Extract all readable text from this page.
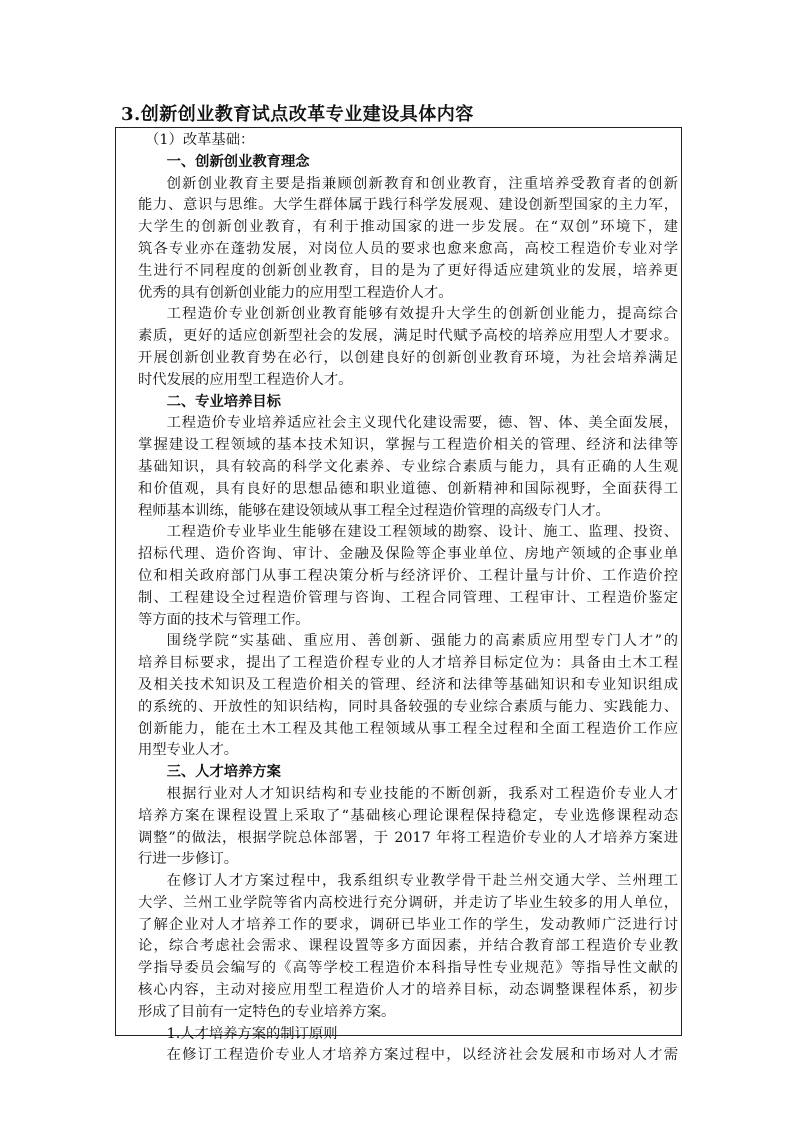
3.创新创业教育试点改革专业建设具体内容
（1）改革基础：
一、创新创业教育理念
创新创业教育主要是指兼顾创新教育和创业教育，注重培养受教育者的创新
能力、意识与思维。大学生群体属于践行科学发展观、建设创新型国家的主力军，
大学生的创新创业教育，有利于推动国家的进一步发展。在“双创”环境下，建
筑各专业亦在蓬勃发展，对岗位人员的要求也愈来愈高，高校工程造价专业对学
生进行不同程度的创新创业教育，目的是为了更好得适应建筑业的发展，培养更
优秀的具有创新创业能力的应用型工程造价人才。
工程造价专业创新创业教育能够有效提升大学生的创新创业能力，提高综合
素质，更好的适应创新型社会的发展，满足时代赋予高校的培养应用型人才要求。
开展创新创业教育势在必行，以创建良好的创新创业教育环境，为社会培养满足
时代发展的应用型工程造价人才。
二、专业培养目标
工程造价专业培养适应社会主义现代化建设需要，德、智、体、美全面发展，
掌握建设工程领域的基本技术知识，掌握与工程造价相关的管理、经济和法律等
基础知识，具有较高的科学文化素养、专业综合素质与能力，具有正确的人生观
和价值观，具有良好的思想品德和职业道德、创新精神和国际视野，全面获得工
程师基本训练，能够在建设领域从事工程全过程造价管理的高级专门人才。
工程造价专业毕业生能够在建设工程领域的勘察、设计、施工、监理、投资、
招标代理、造价咨询、审计、金融及保险等企事业单位、房地产领域的企事业单
位和相关政府部门从事工程决策分析与经济评价、工程计量与计价、工作造价控
制、工程建设全过程造价管理与咨询、工程合同管理、工程审计、工程造价鉴定
等方面的技术与管理工作。
围绕学院“实基础、重应用、善创新、强能力的高素质应用型专门人才”的
培养目标要求，提出了工程造价程专业的人才培养目标定位为：具备由土木工程
及相关技术知识及工程造价相关的管理、经济和法律等基础知识和专业知识组成
的系统的、开放性的知识结构，同时具备较强的专业综合素质与能力、实践能力、
创新能力，能在土木工程及其他工程领域从事工程全过程和全面工程造价工作应
用型专业人才。
三、人才培养方案
根据行业对人才知识结构和专业技能的不断创新，我系对工程造价专业人才
培养方案在课程设置上采取了“基础核心理论课程保持稳定，专业选修课程动态
调整”的做法，根据学院总体部署，于 2017 年将工程造价专业的人才培养方案进
行进一步修订。
在修订人才方案过程中，我系组织专业教学骨干赴兰州交通大学、兰州理工
大学、兰州工业学院等省内高校进行充分调研，并走访了毕业生较多的用人单位，
了解企业对人才培养工作的要求，调研已毕业工作的学生，发动教师广泛进行讨
论，综合考虑社会需求、课程设置等多方面因素，并结合教育部工程造价专业教
学指导委员会编写的《高等学校工程造价本科指导性专业规范》等指导性文献的
核心内容，主动对接应用型工程造价人才的培养目标，动态调整课程体系，初步
形成了目前有一定特色的专业培养方案。
1.人才培养方案的制订原则
在修订工程造价专业人才培养方案过程中，以经济社会发展和市场对人才需
